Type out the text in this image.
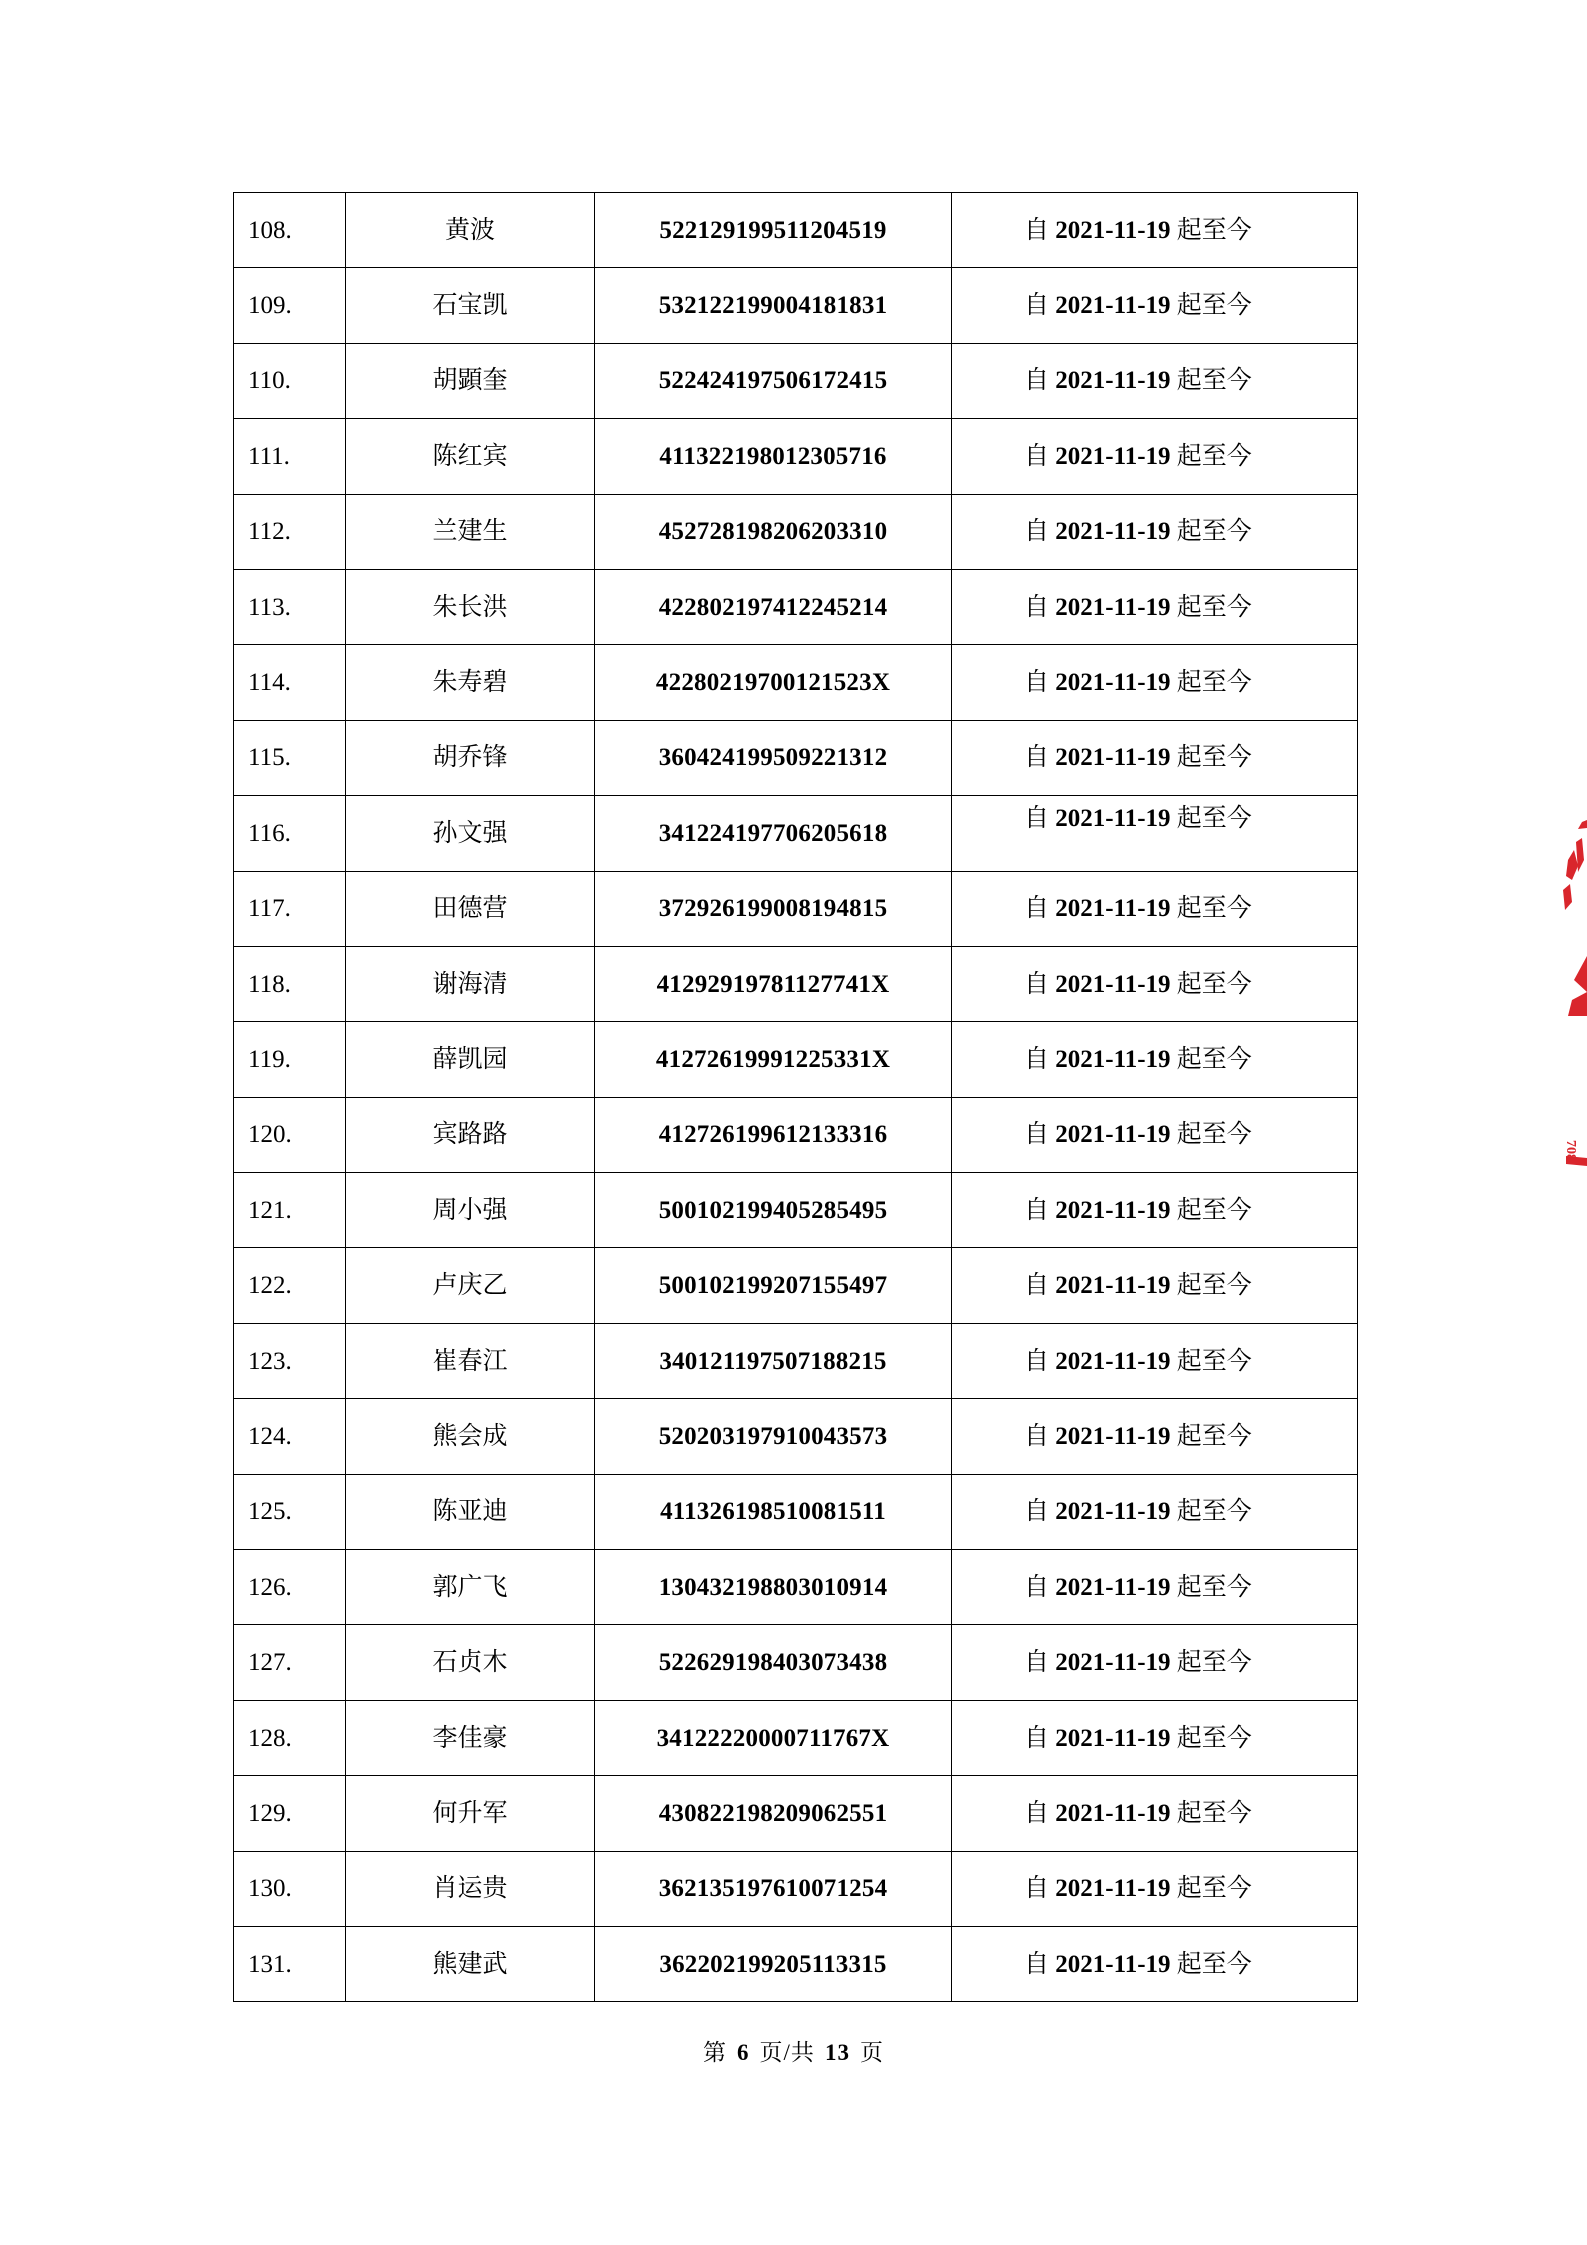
108.	黄波	522129199511204519	自 2021-11-19 起至今
109.	石宝凯	532122199004181831	自 2021-11-19 起至今
110.	胡顕奎	522424197506172415	自 2021-11-19 起至今
111.	陈红宾	411322198012305716	自 2021-11-19 起至今
112.	兰建生	452728198206203310	自 2021-11-19 起至今
113.	朱长洪	422802197412245214	自 2021-11-19 起至今
114.	朱寿碧	42280219700121523X	自 2021-11-19 起至今
115.	胡乔锋	360424199509221312	自 2021-11-19 起至今
116.	孙文强	341224197706205618	自 2021-11-19 起至今
117.	田德营	372926199008194815	自 2021-11-19 起至今
118.	谢海清	41292919781127741X	自 2021-11-19 起至今
119.	薛凯园	41272619991225331X	自 2021-11-19 起至今
120.	宾路路	412726199612133316	自 2021-11-19 起至今
121.	周小强	500102199405285495	自 2021-11-19 起至今
122.	卢庆乙	500102199207155497	自 2021-11-19 起至今
123.	崔春江	340121197507188215	自 2021-11-19 起至今
124.	熊会成	520203197910043573	自 2021-11-19 起至今
125.	陈亚迪	411326198510081511	自 2021-11-19 起至今
126.	郭广飞	130432198803010914	自 2021-11-19 起至今
127.	石贞木	522629198403073438	自 2021-11-19 起至今
128.	李佳豪	34122220000711767X	自 2021-11-19 起至今
129.	何升军	430822198209062551	自 2021-11-19 起至今
130.	肖运贵	362135197610071254	自 2021-11-19 起至今
131.	熊建武	362202199205113315	自 2021-11-19 起至今
第 6 页/共 13 页
708
